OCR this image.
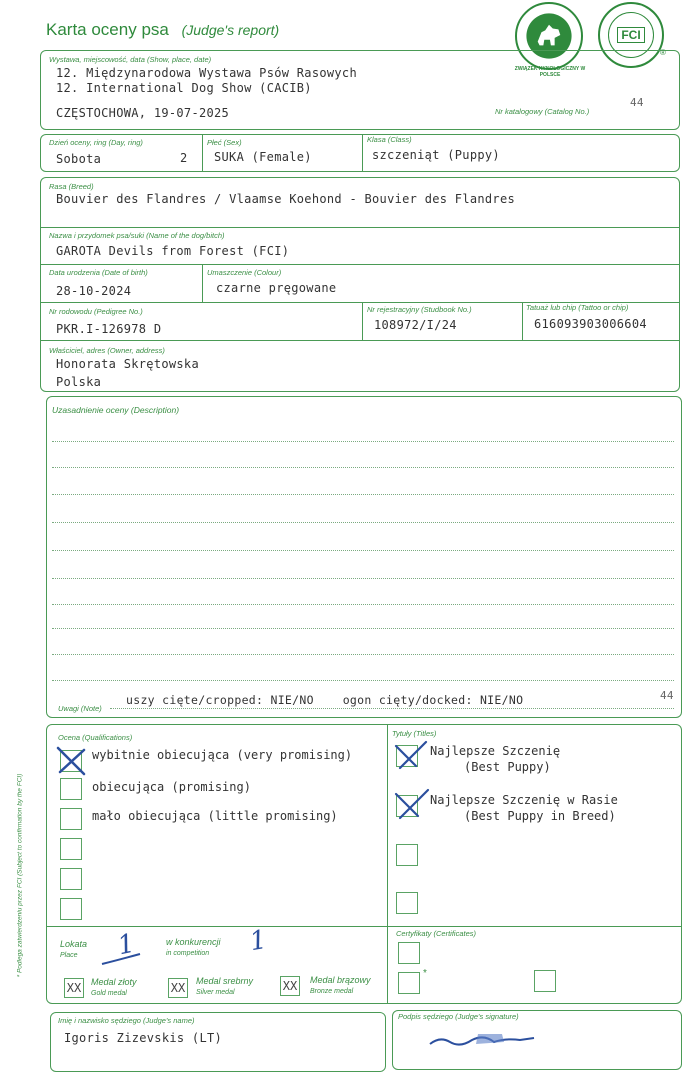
Karta oceny psa (Judge's report)
ZWIĄZEK KYNOLOGICZNY W POLSCE
FCI
®
Wystawa, miejscowość, data (Show, place, date)
12. Międzynarodowa Wystawa Psów Rasowych
12. International Dog Show (CACIB)
CZĘSTOCHOWA, 19-07-2025	Nr katalogowy (Catalog No.)
44
Dzień oceny, ring (Day, ring)
Sobota	2
Płeć (Sex)
SUKA (Female)
Klasa (Class)
szczeniąt (Puppy)
Rasa (Breed)
Bouvier des Flandres / Vlaamse Koehond - Bouvier des Flandres
Nazwa i przydomek psa/suki (Name of the dog/bitch)
GAROTA Devils from Forest (FCI)
Data urodzenia (Date of birth)
28-10-2024
Umaszczenie (Colour)
czarne pręgowane
Nr rodowodu (Pedigree No.)
PKR.I-126978 D
Nr rejestracyjny (Studbook No.)
108972/I/24
Tatuaż lub chip (Tattoo or chip)
616093903006604
Właściciel, adres (Owner, address)
Honorata Skrętowska
Polska
Uzasadnienie oceny (Description)
Uwagi (Note)
uszy cięte/cropped: NIE/NO    ogon cięty/docked: NIE/NO	44
Ocena (Qualifications)
wybitnie obiecująca (very promising)
obiecująca (promising)
mało obiecująca (little promising)
Tytuły (Titles)
Najlepsze Szczenię
(Best Puppy)
Najlepsze Szczenię w Rasie
(Best Puppy in Breed)
Lokata
Place 1	w konkurencji
in competition 1
XX	Medal złoty
Gold medal	XX	Medal srebrny
Silver medal	XX	Medal brązowy
Bronze medal
Certyfikaty (Certificates)
*
Imię i nazwisko sędziego (Judge's name)
Igoris Zizevskis (LT)
Podpis sędziego (Judge's signature)
* Podlega zatwierdzeniu przez FCI (Subject to confirmation by the FCI)
